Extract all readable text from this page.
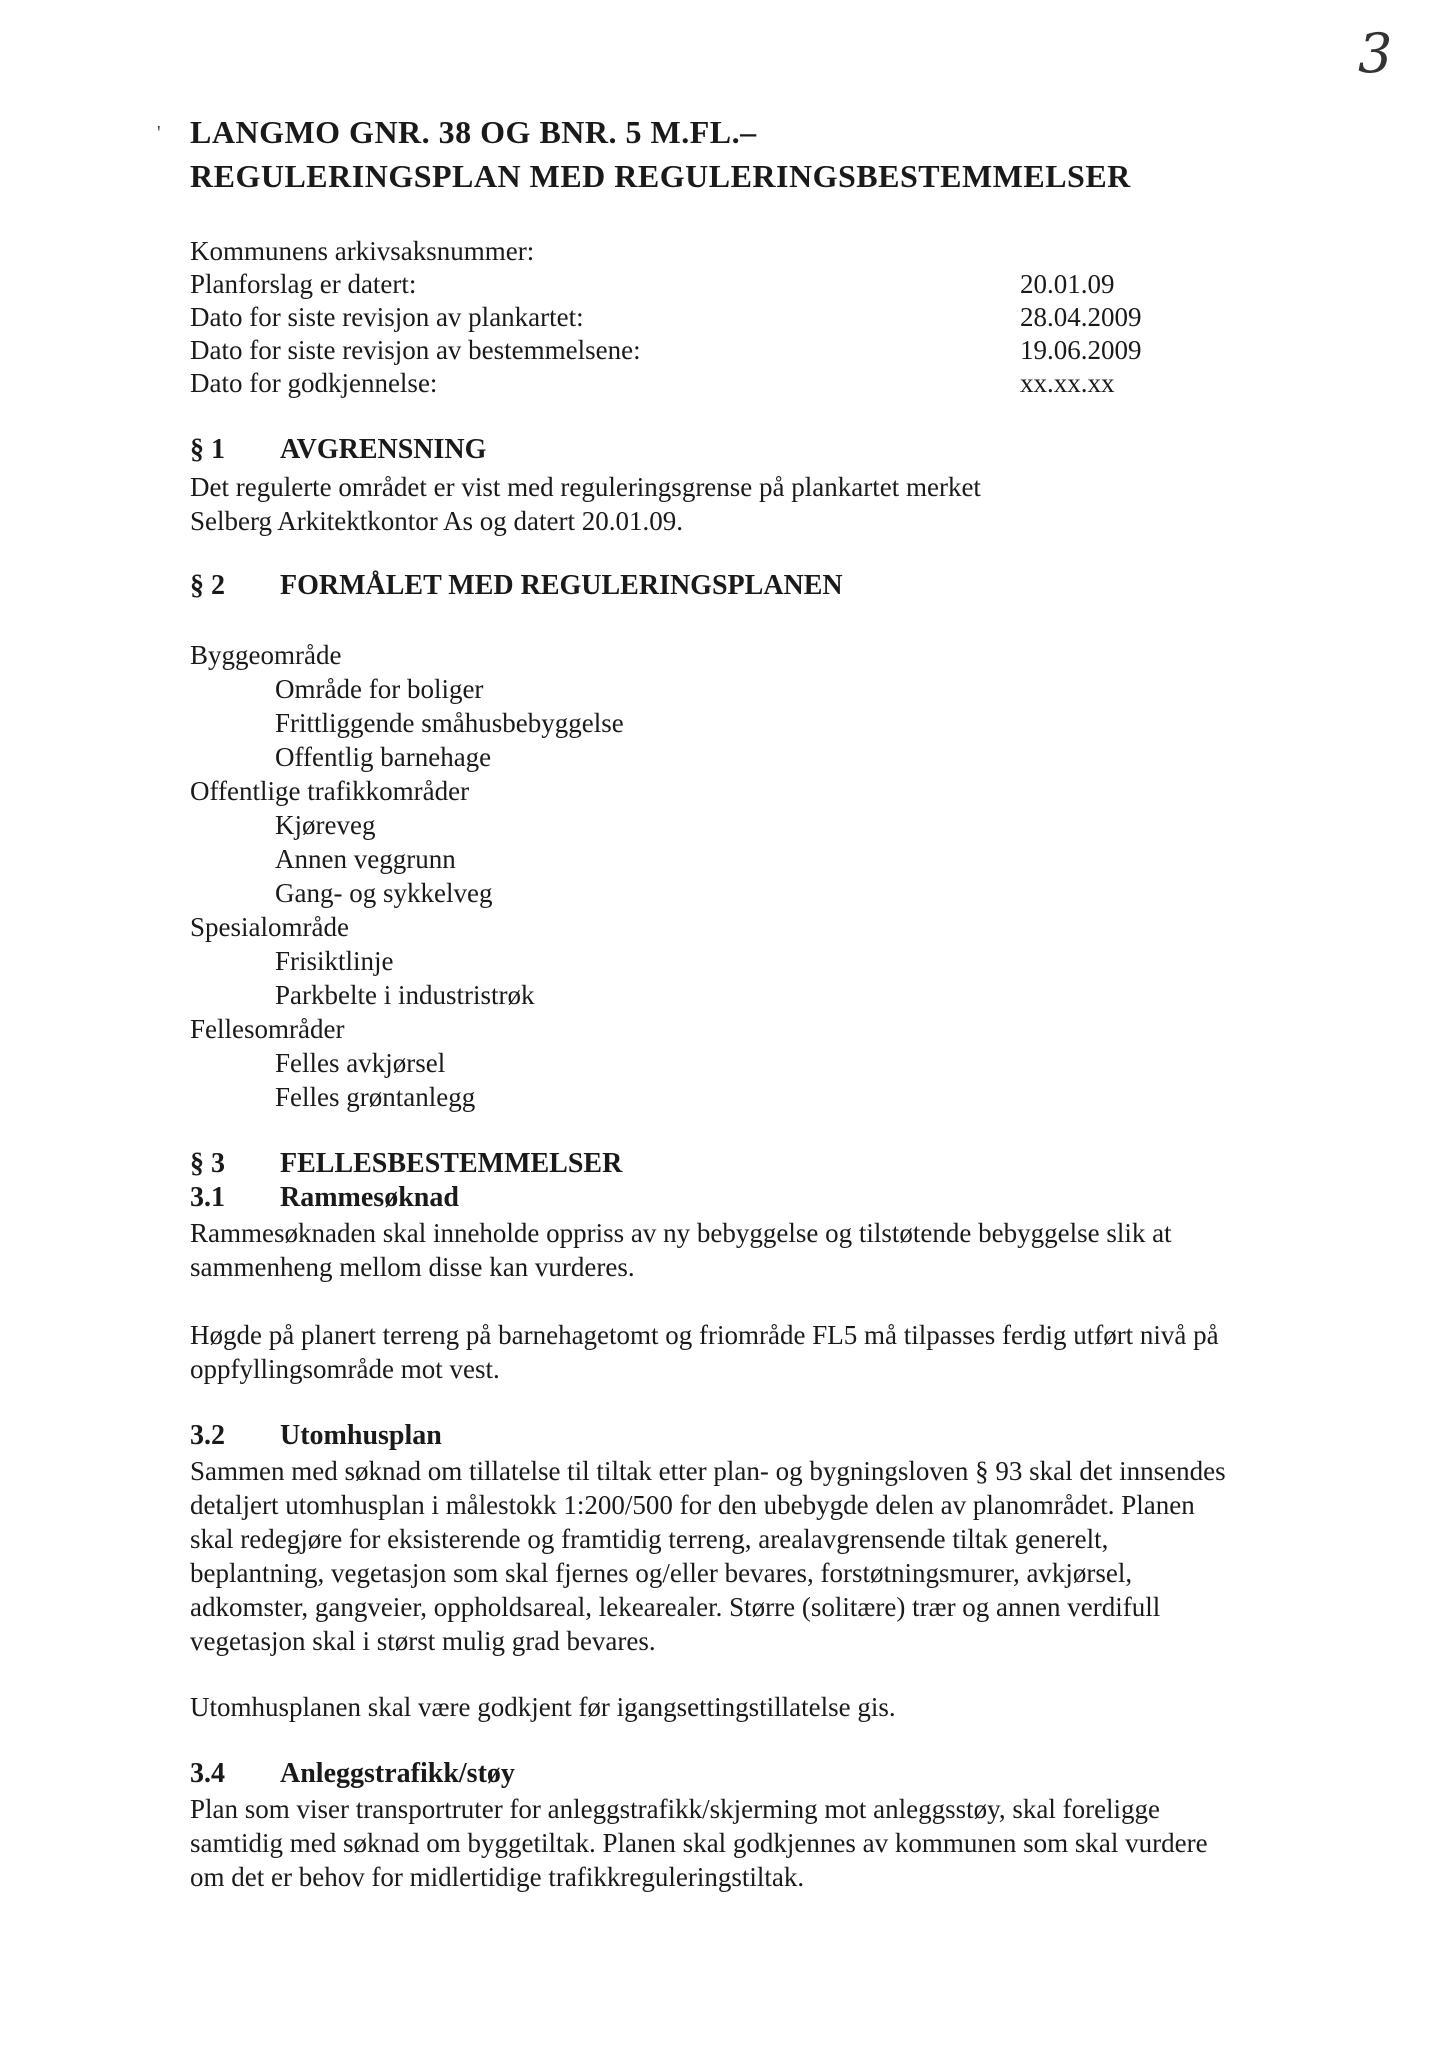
3
' LANGMO GNR. 38 OG BNR. 5 M.FL.–
REGULERINGSPLAN MED REGULERINGSBESTEMMELSER
Kommunens arkivsaksnummer:
Planforslag er datert:	20.01.09
Dato for siste revisjon av plankartet:	28.04.2009
Dato for siste revisjon av bestemmelsene:	19.06.2009
Dato for godkjennelse:	xx.xx.xx
§ 1 AVGRENSNING
Det regulerte området er vist med reguleringsgrense på plankartet merket
Selberg Arkitektkontor As og datert 20.01.09.
§ 2 FORMÅLET MED REGULERINGSPLANEN
Byggeområde
Område for boliger
Frittliggende småhusbebyggelse
Offentlig barnehage
Offentlige trafikkområder
Kjøreveg
Annen veggrunn
Gang- og sykkelveg
Spesialområde
Frisiktlinje
Parkbelte i industristrøk
Fellesområder
Felles avkjørsel
Felles grøntanlegg
§ 3 FELLESBESTEMMELSER
3.1 Rammesøknad
Rammesøknaden skal inneholde oppriss av ny bebyggelse og tilstøtende bebyggelse slik at
sammenheng mellom disse kan vurderes.
Høgde på planert terreng på barnehagetomt og friområde FL5 må tilpasses ferdig utført nivå på
oppfyllingsområde mot vest.
3.2 Utomhusplan
Sammen med søknad om tillatelse til tiltak etter plan- og bygningsloven § 93 skal det innsendes
detaljert utomhusplan i målestokk 1:200/500 for den ubebygde delen av planområdet. Planen
skal redegjøre for eksisterende og framtidig terreng, arealavgrensende tiltak generelt,
beplantning, vegetasjon som skal fjernes og/eller bevares, forstøtningsmurer, avkjørsel,
adkomster, gangveier, oppholdsareal, lekearealer. Større (solitære) trær og annen verdifull
vegetasjon skal i størst mulig grad bevares.
Utomhusplanen skal være godkjent før igangsettingstillatelse gis.
3.4 Anleggstrafikk/støy
Plan som viser transportruter for anleggstrafikk/skjerming mot anleggsstøy, skal foreligge
samtidig med søknad om byggetiltak. Planen skal godkjennes av kommunen som skal vurdere
om det er behov for midlertidige trafikkreguleringstiltak.
